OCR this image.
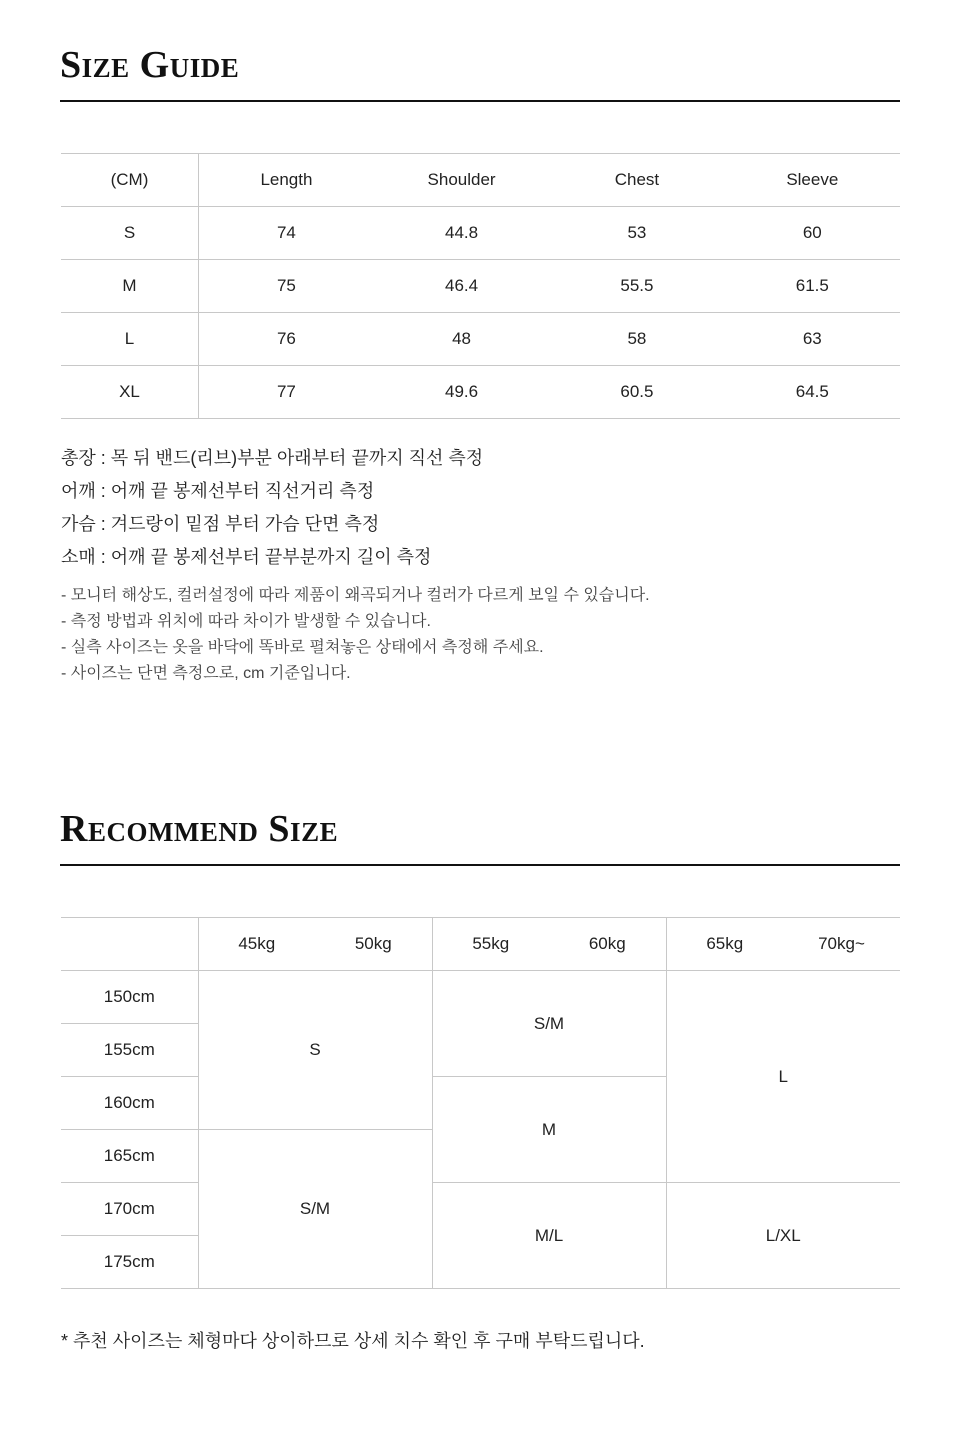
Size Guide
(CM)	Length	Shoulder	Chest	Sleeve
S	74	44.8	53	60
M	75	46.4	55.5	61.5
L	76	48	58	63
XL	77	49.6	60.5	64.5
총장 : 목 뒤 밴드(리브)부분 아래부터 끝까지 직선 측정
어깨 : 어깨 끝 봉제선부터 직선거리 측정
가슴 : 겨드랑이 밑점 부터 가슴 단면 측정
소매 : 어깨 끝 봉제선부터 끝부분까지 길이 측정
- 모니터 해상도, 컬러설정에 따라 제품이 왜곡되거나 컬러가 다르게 보일 수 있습니다.
- 측정 방법과 위치에 따라 차이가 발생할 수 있습니다.
- 실측 사이즈는 옷을 바닥에 똑바로 펼쳐놓은 상태에서 측정해 주세요.
- 사이즈는 단면 측정으로, cm 기준입니다.
Recommend Size
	45kg	50kg	55kg	60kg	65kg	70kg~
150cm	S		S/M		L	
155cm						
160cm			M			
165cm	S/M					
170cm			M/L		L/XL	
175cm						
* 추천 사이즈는 체형마다 상이하므로 상세 치수 확인 후 구매 부탁드립니다.
